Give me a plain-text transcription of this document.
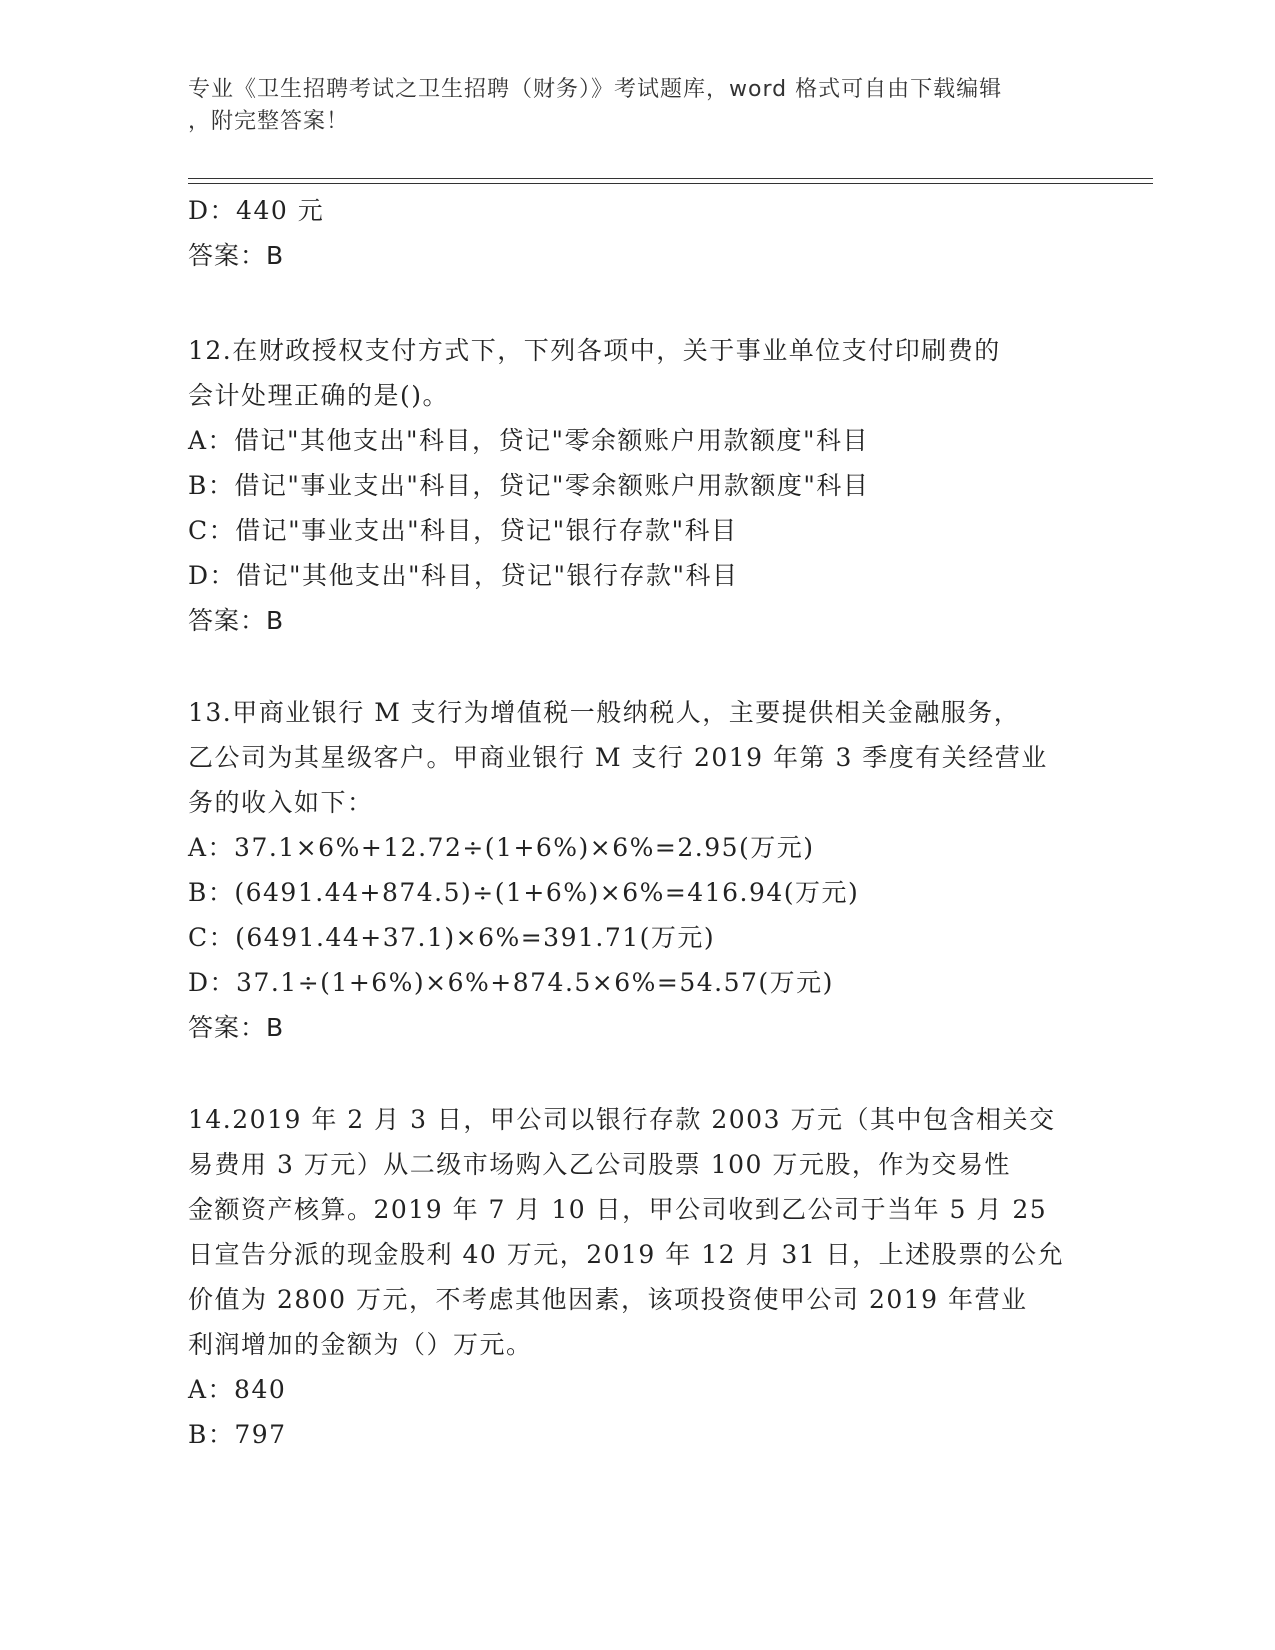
专业《卫生招聘考试之卫生招聘（财务）》考试题库，word 格式可自由下载编辑
，附完整答案！
D：440 元
答案：B
12.在财政授权支付方式下，下列各项中，关于事业单位支付印刷费的
会计处理正确的是()。
A：借记"其他支出"科目，贷记"零余额账户用款额度"科目
B：借记"事业支出"科目，贷记"零余额账户用款额度"科目
C：借记"事业支出"科目，贷记"银行存款"科目
D：借记"其他支出"科目，贷记"银行存款"科目
答案：B
13.甲商业银行 M 支行为增值税一般纳税人，主要提供相关金融服务，
乙公司为其星级客户。甲商业银行 M 支行 2019 年第 3 季度有关经营业
务的收入如下：
A：37.1×6%+12.72÷(1+6%)×6%=2.95(万元)
B：(6491.44+874.5)÷(1+6%)×6%=416.94(万元)
C：(6491.44+37.1)×6%=391.71(万元)
D：37.1÷(1+6%)×6%+874.5×6%=54.57(万元)
答案：B
14.2019 年 2 月 3 日，甲公司以银行存款 2003 万元（其中包含相关交
易费用 3 万元）从二级市场购入乙公司股票 100 万元股，作为交易性
金额资产核算。2019 年 7 月 10 日，甲公司收到乙公司于当年 5 月 25
日宣告分派的现金股利 40 万元，2019 年 12 月 31 日，上述股票的公允
价值为 2800 万元，不考虑其他因素，该项投资使甲公司 2019 年营业
利润增加的金额为（）万元。
A：840
B：797
